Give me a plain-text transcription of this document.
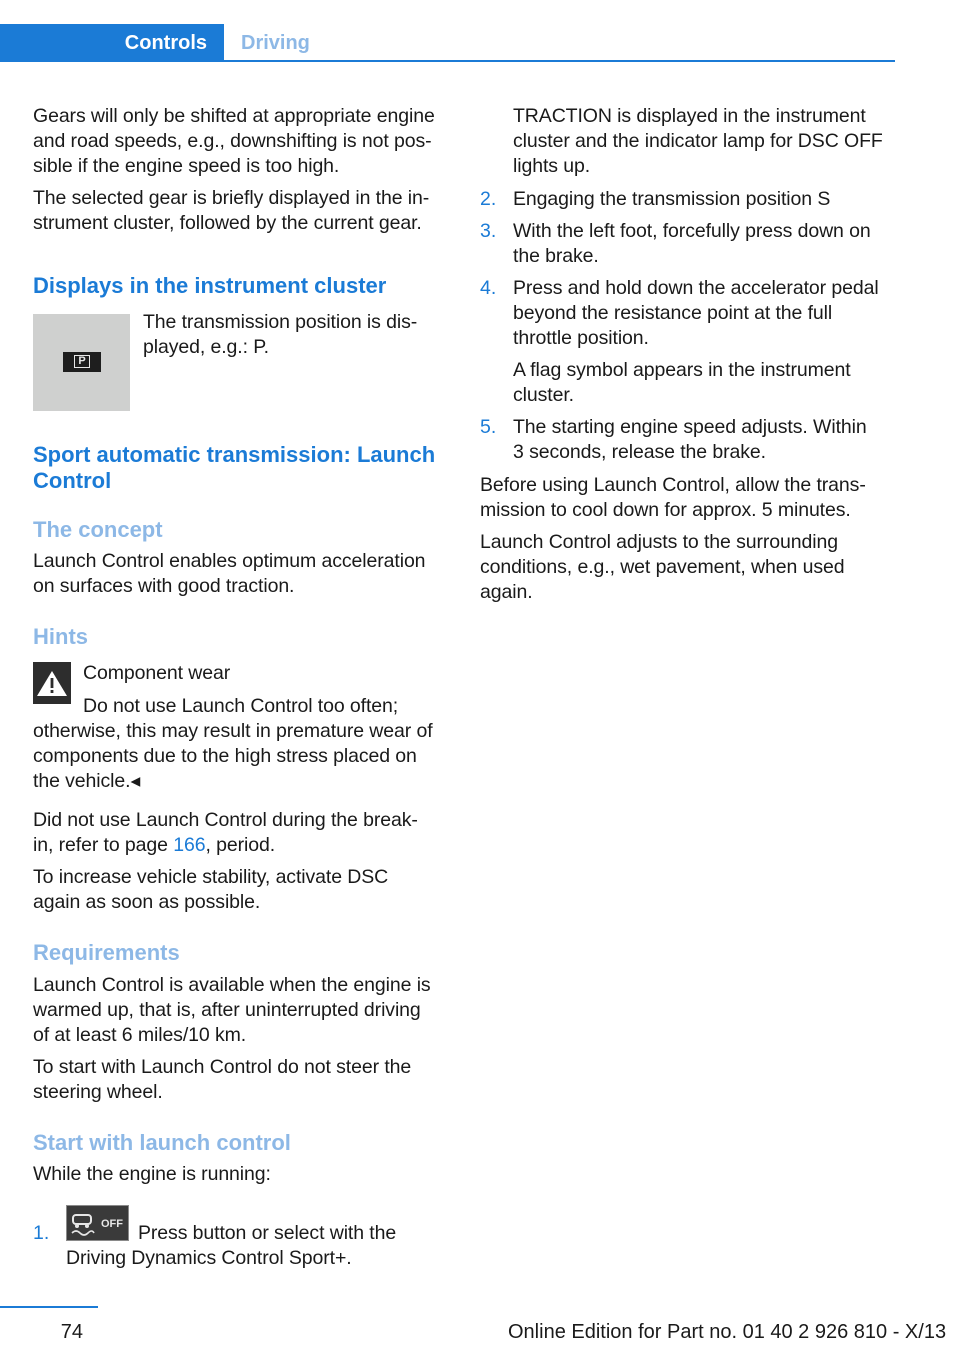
Controls	Driving
Gears will only be shifted at appropriate engine
and road speeds, e.g., downshifting is not pos-
sible if the engine speed is too high.
The selected gear is briefly displayed in the in-
strument cluster, followed by the current gear.
Displays in the instrument cluster
P
The transmission position is dis-
played, e.g.: P.
Sport automatic transmission: Launch
Control
The concept
Launch Control enables optimum acceleration
on surfaces with good traction.
Hints
Component wear
Do not use Launch Control too often;
otherwise, this may result in premature wear of
components due to the high stress placed on
the vehicle.◂
Did not use Launch Control during the break-
in, refer to page 166, period.
To increase vehicle stability, activate DSC
again as soon as possible.
Requirements
Launch Control is available when the engine is
warmed up, that is, after uninterrupted driving
of at least 6 miles/10 km.
To start with Launch Control do not steer the
steering wheel.
Start with launch control
While the engine is running:
1.	OFF Press button or select with the
Driving Dynamics Control Sport+.
TRACTION is displayed in the instrument
cluster and the indicator lamp for DSC OFF
lights up.
2. Engaging the transmission position S
3. With the left foot, forcefully press down on
the brake.
4. Press and hold down the accelerator pedal
beyond the resistance point at the full
throttle position.
A flag symbol appears in the instrument
cluster.
5. The starting engine speed adjusts. Within
3 seconds, release the brake.
Before using Launch Control, allow the trans-
mission to cool down for approx. 5 minutes.
Launch Control adjusts to the surrounding
conditions, e.g., wet pavement, when used
again.
74	Online Edition for Part no. 01 40 2 926 810 - X/13
